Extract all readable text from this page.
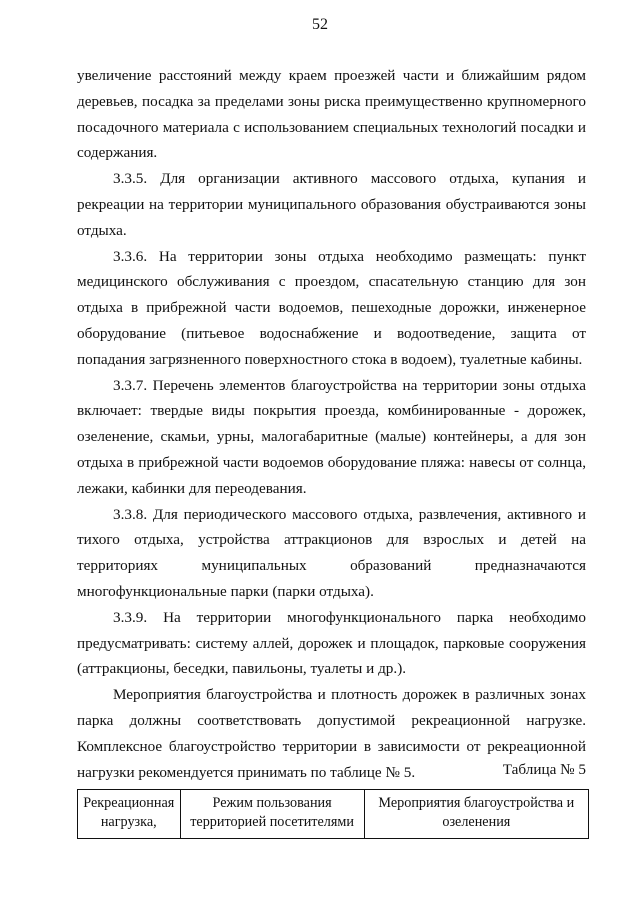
52

увеличение расстояний между краем проезжей части и ближайшим рядом деревьев, посадка за пределами зоны риска преимущественно крупномерного посадочного материала с использованием специальных технологий посадки и содержания.

3.3.5. Для организации активного массового отдыха, купания и рекреации на территории муниципального образования обустраиваются зоны отдыха.

3.3.6. На территории зоны отдыха необходимо размещать: пункт медицинского обслуживания с проездом, спасательную станцию для зон отдыха в прибрежной части водоемов, пешеходные дорожки, инженерное оборудование (питьевое водоснабжение и водоотведение, защита от попадания загрязненного поверхностного стока в водоем), туалетные кабины.

3.3.7. Перечень элементов благоустройства на территории зоны отдыха включает: твердые виды покрытия проезда, комбинированные - дорожек, озеленение, скамьи, урны, малогабаритные (малые) контейнеры, а для зон отдыха в прибрежной части водоемов оборудование пляжа: навесы от солнца, лежаки, кабинки для переодевания.

3.3.8. Для периодического массового отдыха, развлечения, активного и тихого отдыха, устройства аттракционов для взрослых и детей на территориях муниципальных образований предназначаются многофункциональные парки (парки отдыха).

3.3.9. На территории многофункционального парка необходимо предусматривать: систему аллей, дорожек и площадок, парковые сооружения (аттракционы, беседки, павильоны, туалеты и др.).

Мероприятия благоустройства и плотность дорожек в различных зонах парка должны соответствовать допустимой рекреационной нагрузке. Комплексное благоустройство территории в зависимости от рекреационной нагрузки рекомендуется принимать по таблице № 5.	Таблица № 5
Рекреационная нагрузка,	Режим пользования территорией посетителями	Мероприятия благоустройства и озеленения
